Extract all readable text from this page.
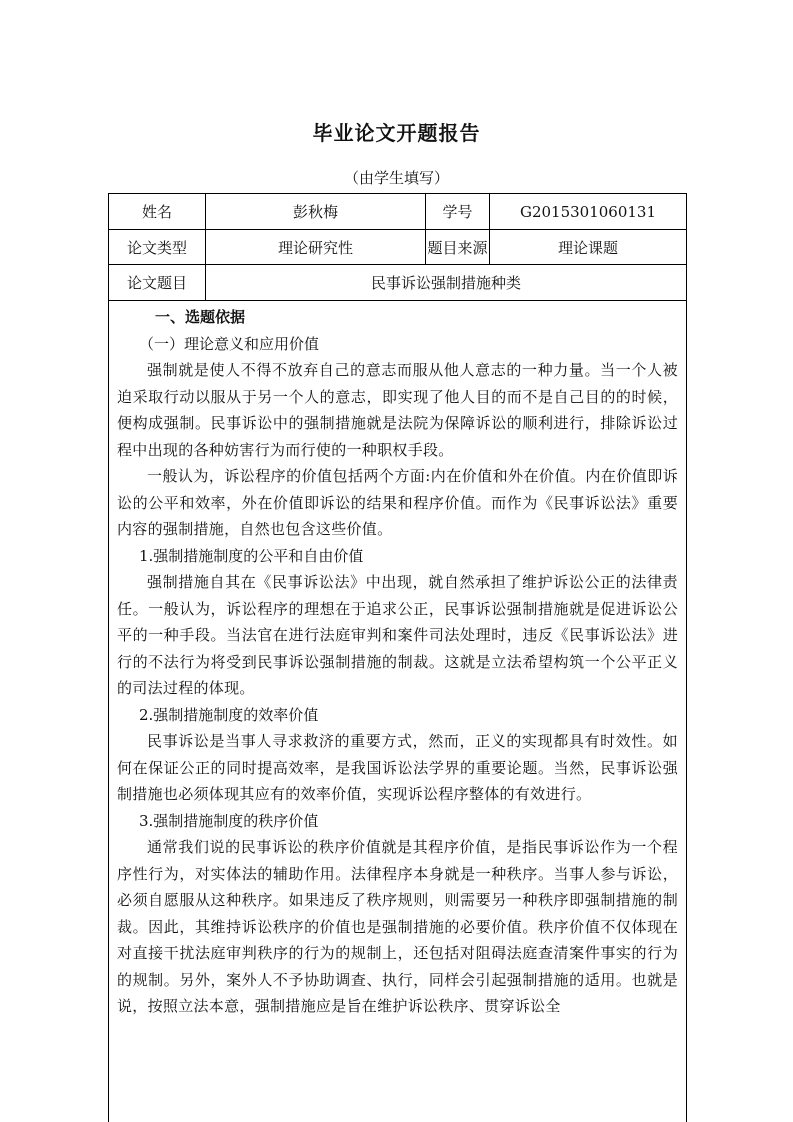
毕业论文开题报告
（由学生填写）
姓名	彭秋梅	学号	G2015301060131
论文类型	理论研究性	题目来源	理论课题
论文题目	民事诉讼强制措施种类
一、选题依据
（一）理论意义和应用价值

强制就是使人不得不放弃自己的意志而服从他人意志的一种力量。当一个人被迫采取行动以服从于另一个人的意志，即实现了他人目的而不是自己目的的时候，便构成强制。民事诉讼中的强制措施就是法院为保障诉讼的顺利进行，排除诉讼过程中出现的各种妨害行为而行使的一种职权手段。

一般认为，诉讼程序的价值包括两个方面:内在价值和外在价值。内在价值即诉讼的公平和效率，外在价值即诉讼的结果和程序价值。而作为《民事诉讼法》重要内容的强制措施，自然也包含这些价值。

1.强制措施制度的公平和自由价值

强制措施自其在《民事诉讼法》中出现，就自然承担了维护诉讼公正的法律责任。一般认为，诉讼程序的理想在于追求公正，民事诉讼强制措施就是促进诉讼公平的一种手段。当法官在进行法庭审判和案件司法处理时，违反《民事诉讼法》进行的不法行为将受到民事诉讼强制措施的制裁。这就是立法希望构筑一个公平正义的司法过程的体现。

2.强制措施制度的效率价值

民事诉讼是当事人寻求救济的重要方式，然而，正义的实现都具有时效性。如何在保证公正的同时提高效率，是我国诉讼法学界的重要论题。当然，民事诉讼强制措施也必须体现其应有的效率价值，实现诉讼程序整体的有效进行。

3.强制措施制度的秩序价值

通常我们说的民事诉讼的秩序价值就是其程序价值，是指民事诉讼作为一个程序性行为，对实体法的辅助作用。法律程序本身就是一种秩序。当事人参与诉讼，必须自愿服从这种秩序。如果违反了秩序规则，则需要另一种秩序即强制措施的制裁。因此，其维持诉讼秩序的价值也是强制措施的必要价值。秩序价值不仅体现在对直接干扰法庭审判秩序的行为的规制上，还包括对阻碍法庭查清案件事实的行为的规制。另外，案外人不予协助调查、执行，同样会引起强制措施的适用。也就是说，按照立法本意，强制措施应是旨在维护诉讼秩序、贯穿诉讼全
